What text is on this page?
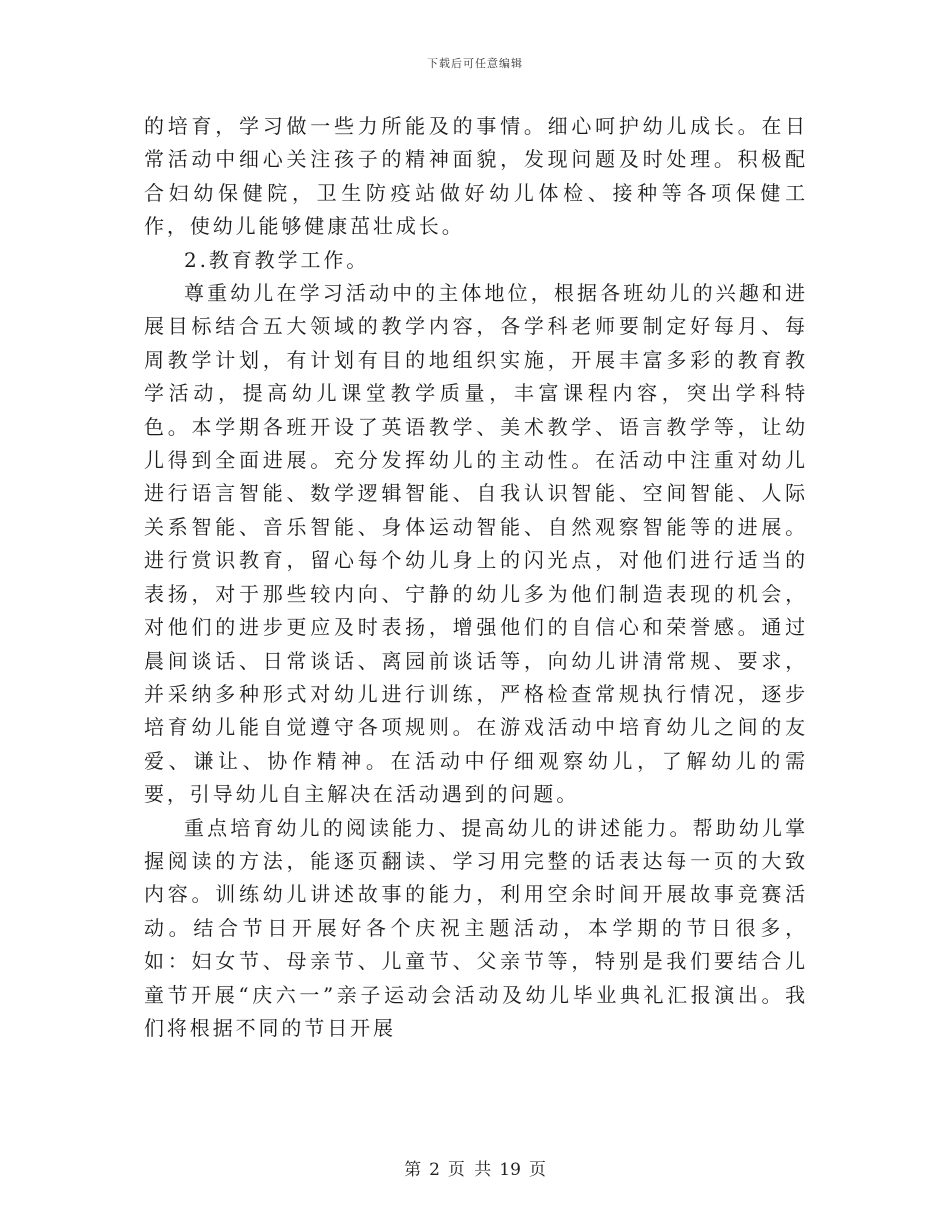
下载后可任意编辑

的培育，学习做一些力所能及的事情。细心呵护幼儿成长。在日常活动中细心关注孩子的精神面貌，发现问题及时处理。积极配合妇幼保健院，卫生防疫站做好幼儿体检、接种等各项保健工作，使幼儿能够健康茁壮成长。

2.教育教学工作。

尊重幼儿在学习活动中的主体地位，根据各班幼儿的兴趣和进展目标结合五大领域的教学内容，各学科老师要制定好每月、每周教学计划，有计划有目的地组织实施，开展丰富多彩的教育教学活动，提高幼儿课堂教学质量，丰富课程内容，突出学科特色。本学期各班开设了英语教学、美术教学、语言教学等，让幼儿得到全面进展。充分发挥幼儿的主动性。在活动中注重对幼儿进行语言智能、数学逻辑智能、自我认识智能、空间智能、人际关系智能、音乐智能、身体运动智能、自然观察智能等的进展。进行赏识教育，留心每个幼儿身上的闪光点，对他们进行适当的表扬，对于那些较内向、宁静的幼儿多为他们制造表现的机会，对他们的进步更应及时表扬，增强他们的自信心和荣誉感。通过晨间谈话、日常谈话、离园前谈话等，向幼儿讲清常规、要求，并采纳多种形式对幼儿进行训练，严格检查常规执行情况，逐步培育幼儿能自觉遵守各项规则。在游戏活动中培育幼儿之间的友爱、谦让、协作精神。在活动中仔细观察幼儿，了解幼儿的需要，引导幼儿自主解决在活动遇到的问题。

重点培育幼儿的阅读能力、提高幼儿的讲述能力。帮助幼儿掌握阅读的方法，能逐页翻读、学习用完整的话表达每一页的大致内容。训练幼儿讲述故事的能力，利用空余时间开展故事竞赛活动。结合节日开展好各个庆祝主题活动，本学期的节日很多，如：妇女节、母亲节、儿童节、父亲节等，特别是我们要结合儿童节开展“庆六一”亲子运动会活动及幼儿毕业典礼汇报演出。我们将根据不同的节日开展

第 2 页 共 19 页
